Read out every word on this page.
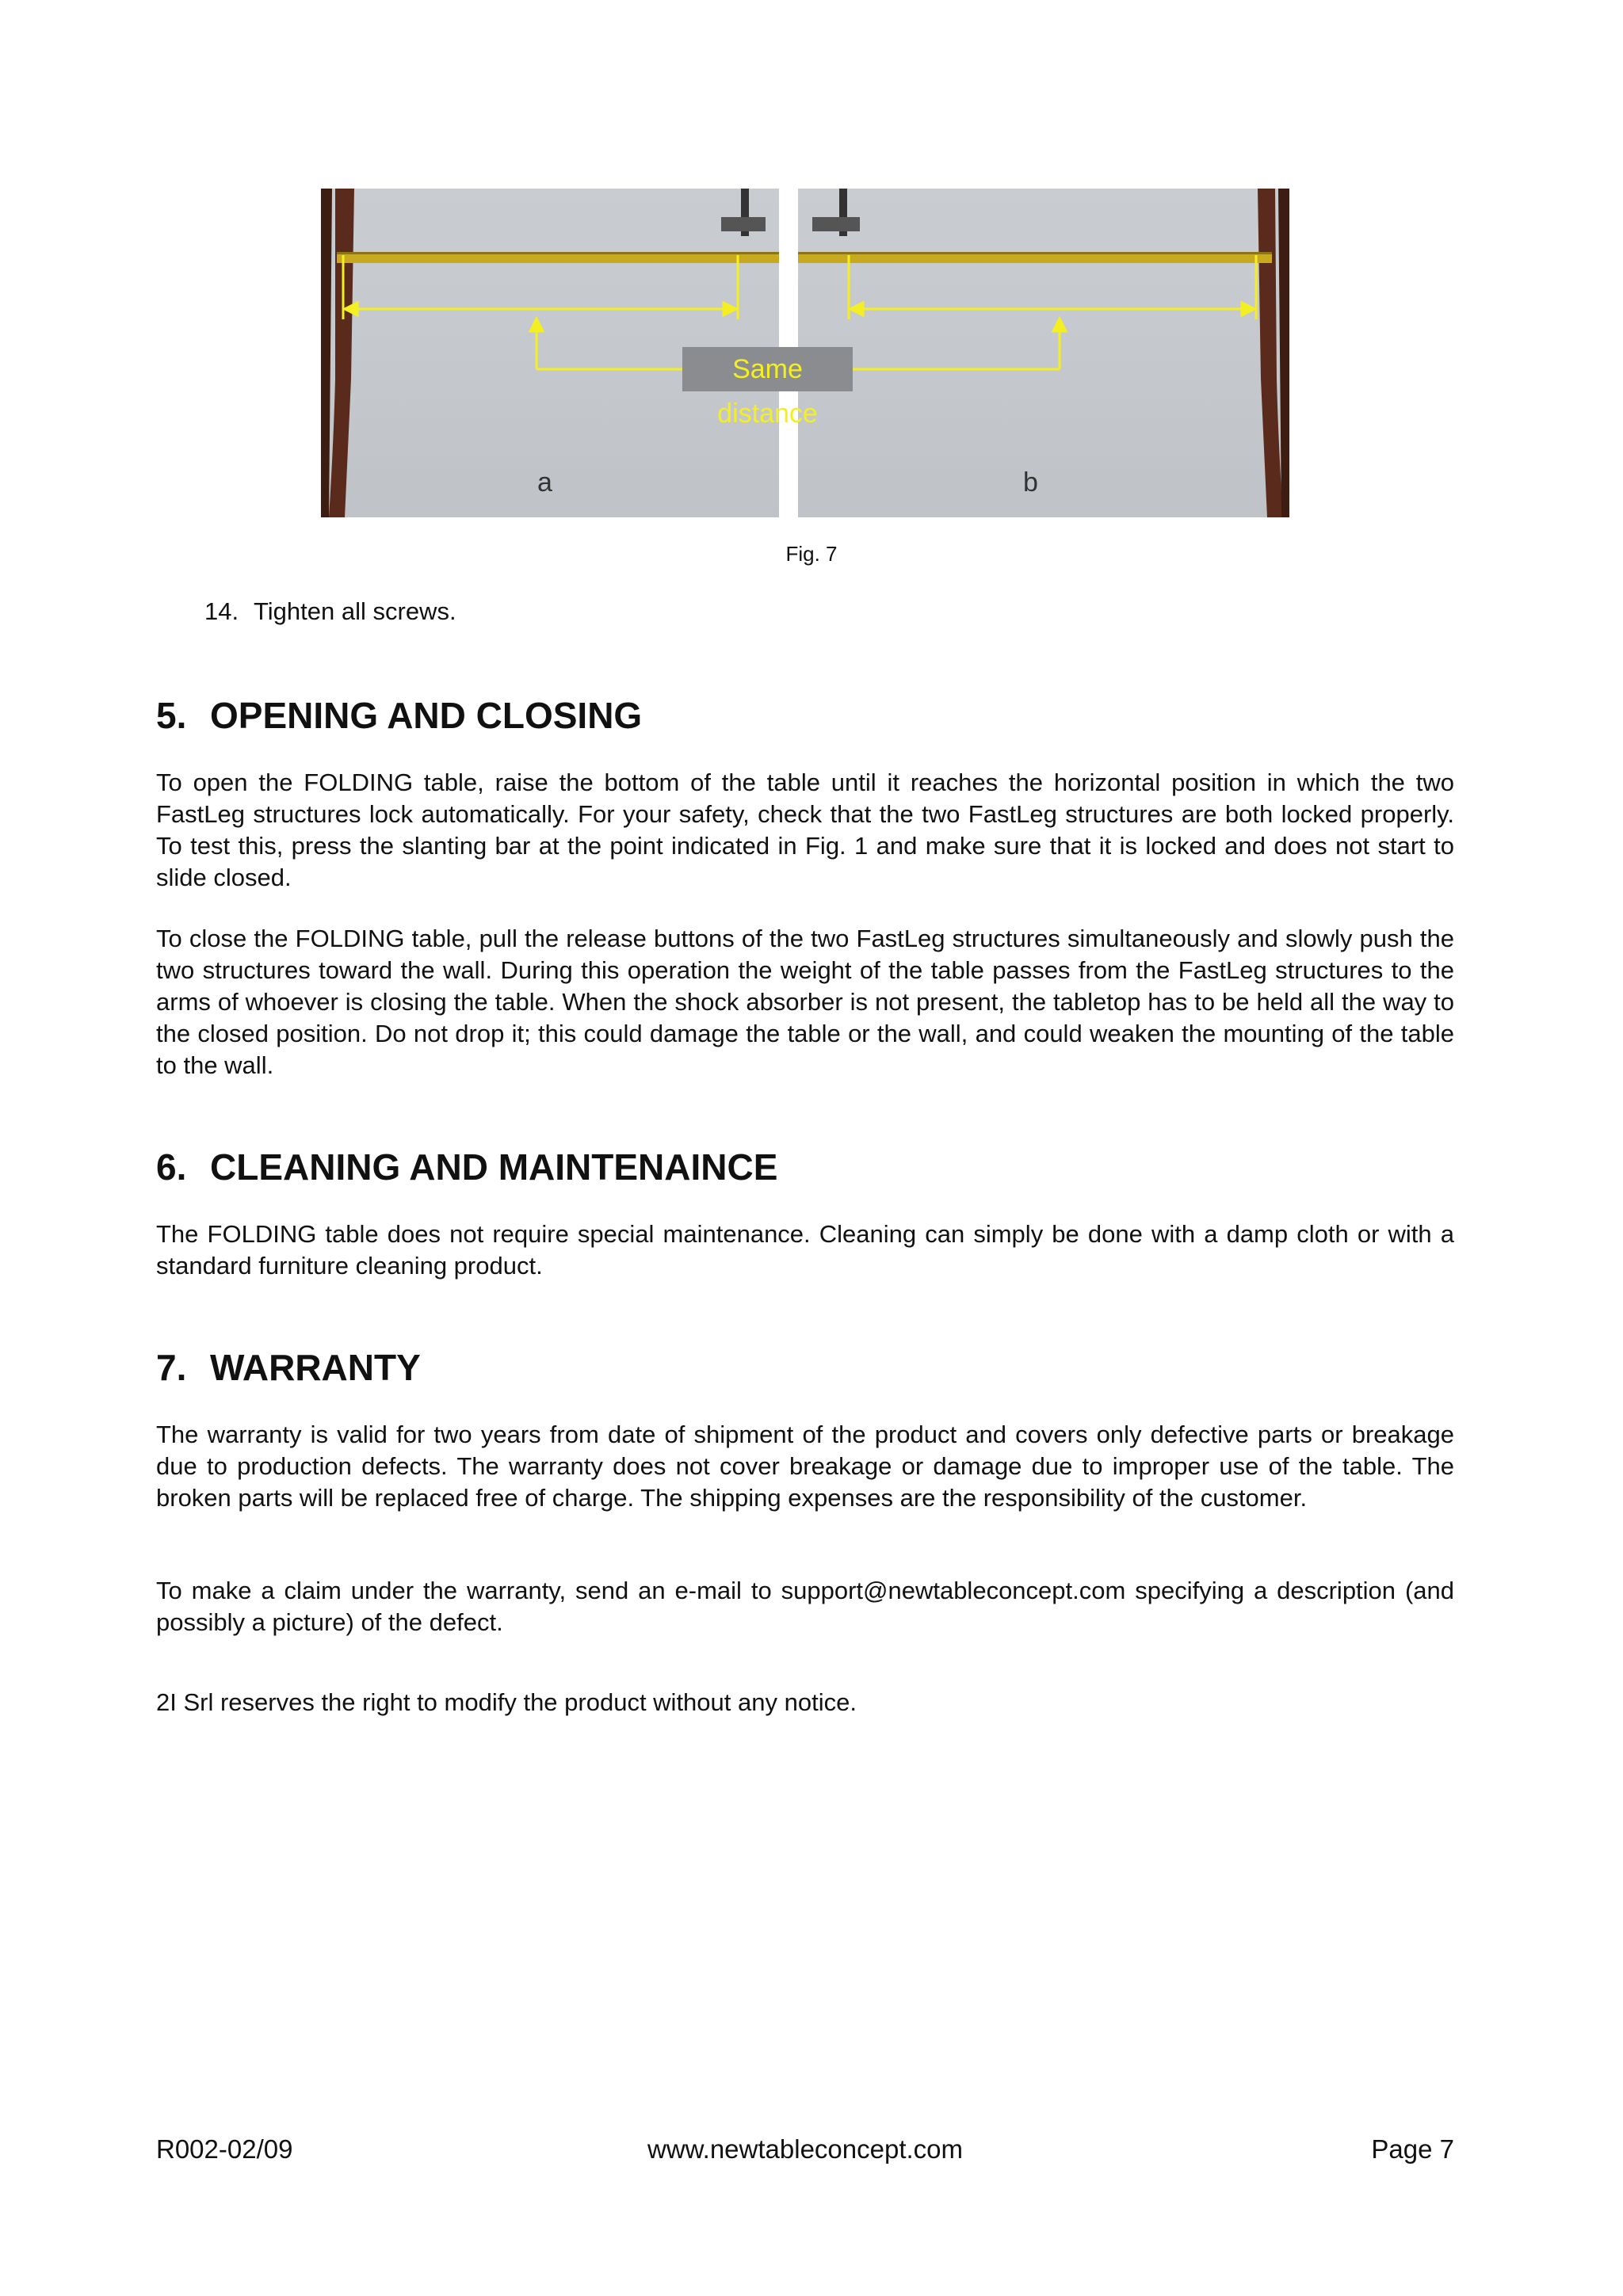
Same distance
a	b
Fig. 7
14. Tighten all screws.
5. OPENING AND CLOSING

To open the FOLDING table, raise the bottom of the table until it reaches the horizontal position in which the two FastLeg structures lock automatically. For your safety, check that the two FastLeg structures are both locked properly. To test this, press the slanting bar at the point indicated in Fig. 1 and make sure that it is locked and does not start to slide closed.

To close the FOLDING table, pull the release buttons of the two FastLeg structures simultaneously and slowly push the two structures toward the wall. During this operation the weight of the table passes from the FastLeg structures to the arms of whoever is closing the table. When the shock absorber is not present, the tabletop has to be held all the way to the closed position. Do not drop it; this could damage the table or the wall, and could weaken the mounting of the table to the wall.

6. CLEANING AND MAINTENAINCE

The FOLDING table does not require special maintenance. Cleaning can simply be done with a damp cloth or with a standard furniture cleaning product.

7. WARRANTY

The warranty is valid for two years from date of shipment of the product and covers only defective parts or breakage due to production defects. The warranty does not cover breakage or damage due to improper use of the table. The broken parts will be replaced free of charge. The shipping expenses are the responsibility of the customer.

To make a claim under the warranty, send an e-mail to support@newtableconcept.com specifying a description (and possibly a picture) of the defect.

2I Srl reserves the right to modify the product without any notice.

R002-02/09	www.newtableconcept.com	Page 7
